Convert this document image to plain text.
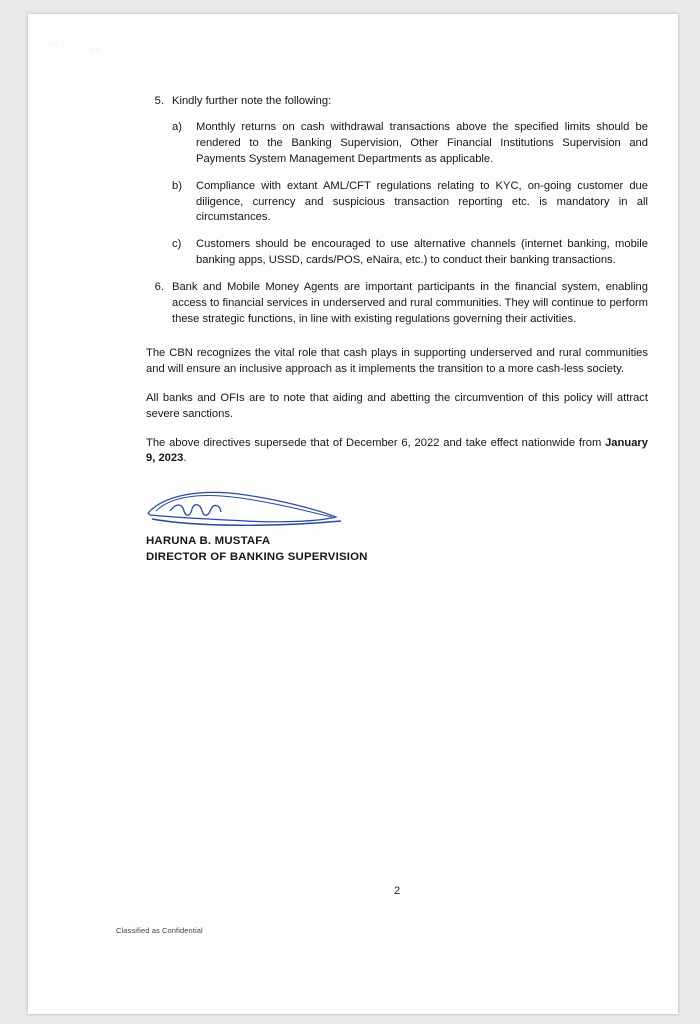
.·
· ·
5. Kindly further note the following:
a)	Monthly returns on cash withdrawal transactions above the specified limits should be rendered to the Banking Supervision, Other Financial Institutions Supervision and Payments System Management Departments as applicable.
b)	Compliance with extant AML/CFT regulations relating to KYC, on-going customer due diligence, currency and suspicious transaction reporting etc. is mandatory in all circumstances.
c)	Customers should be encouraged to use alternative channels (internet banking, mobile banking apps, USSD, cards/POS, eNaira, etc.) to conduct their banking transactions.
6. Bank and Mobile Money Agents are important participants in the financial system, enabling access to financial services in underserved and rural communities. They will continue to perform these strategic functions, in line with existing regulations governing their activities.
The CBN recognizes the vital role that cash plays in supporting underserved and rural communities and will ensure an inclusive approach as it implements the transition to a more cash-less society.
All banks and OFIs are to note that aiding and abetting the circumvention of this policy will attract severe sanctions.
The above directives supersede that of December 6, 2022 and take effect nationwide from January 9, 2023.
HARUNA B. MUSTAFA
DIRECTOR OF BANKING SUPERVISION
2
Classified as Confidential
